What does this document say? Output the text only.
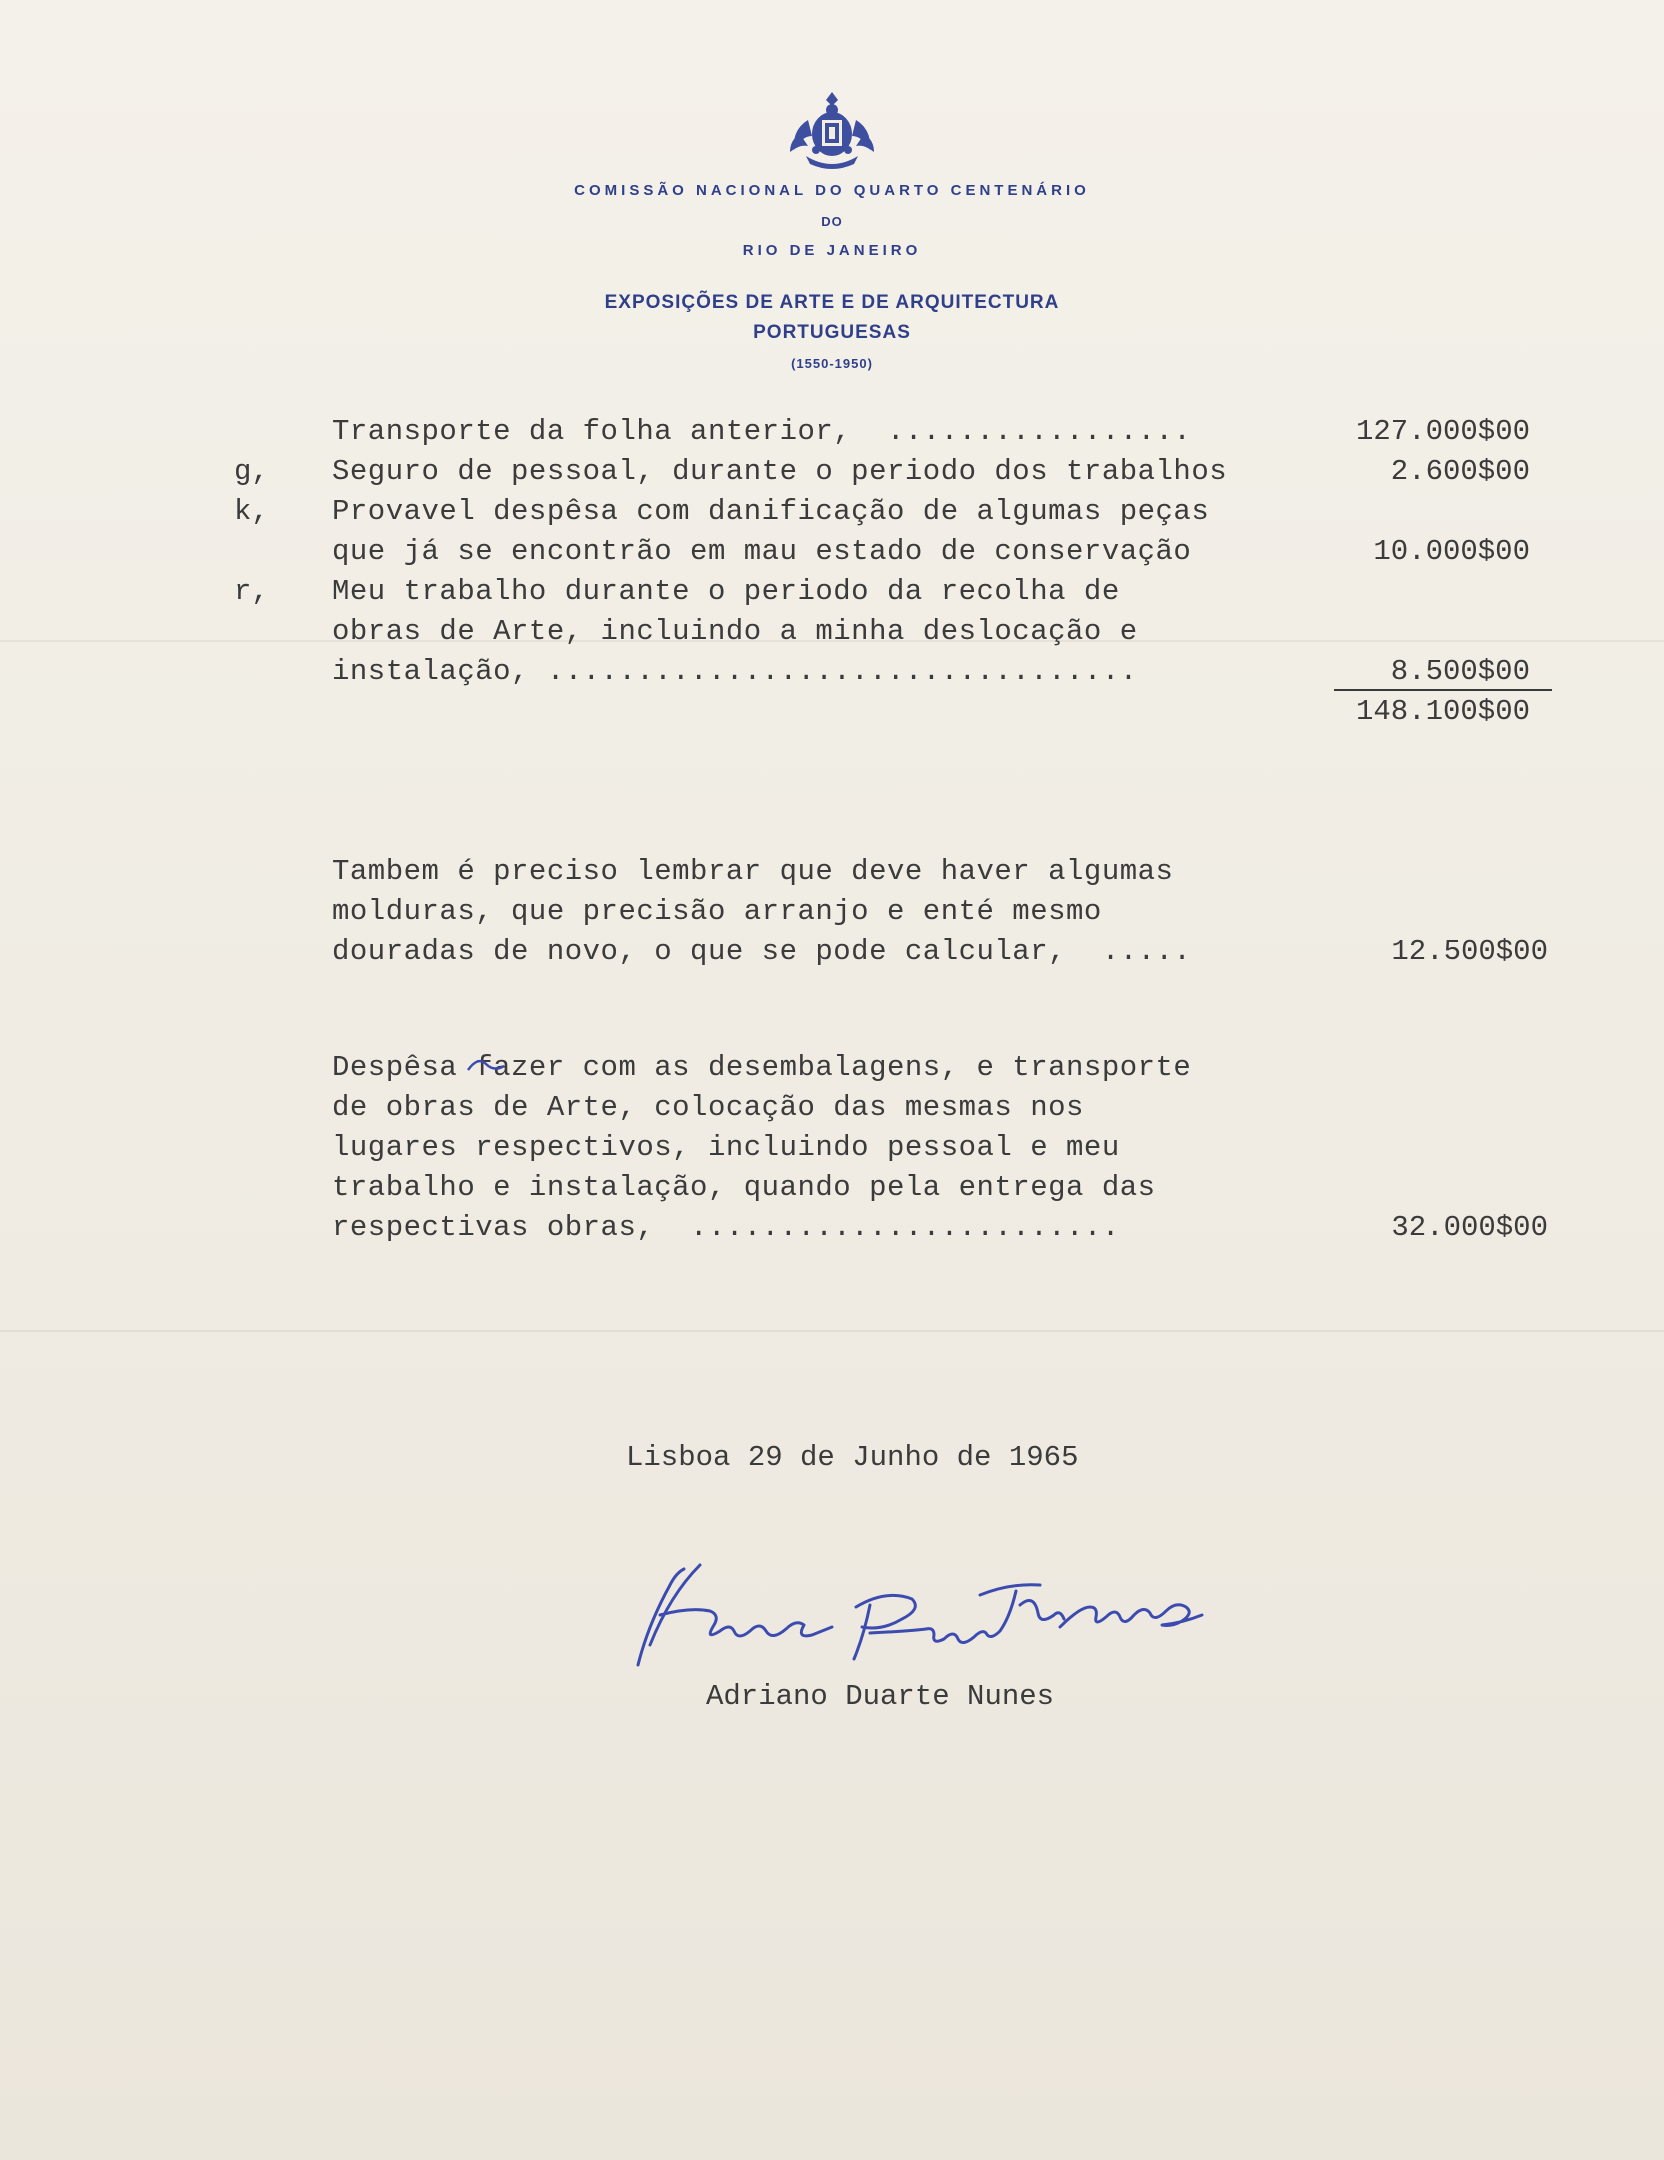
COMISSÃO NACIONAL DO QUARTO CENTENÁRIO
DO
RIO DE JANEIRO
EXPOSIÇÕES DE ARTE E DE ARQUITECTURA
PORTUGUESAS
(1550-1950)
Transporte da folha anterior,  .................	127.000$00
g, Seguro de pessoal, durante o periodo dos trabalhos	2.600$00
k, Provavel despêsa com danificação de algumas peças
que já se encontrão em mau estado de conservação	10.000$00
r, Meu trabalho durante o periodo da recolha de
obras de Arte, incluindo a minha deslocação e
instalação, .................................	8.500$00
148.100$00
Tambem é preciso lembrar que deve haver algumas
molduras, que precisão arranjo e enté mesmo
douradas de novo, o que se pode calcular,  .....	12.500$00
Despêsa fazer com as desembalagens, e transporte
de obras de Arte, colocação das mesmas nos
lugares respectivos, incluindo pessoal e meu
trabalho e instalação, quando pela entrega das
respectivas obras,  ........................	32.000$00
Lisboa 29 de Junho de 1965
Adriano Duarte Nunes
